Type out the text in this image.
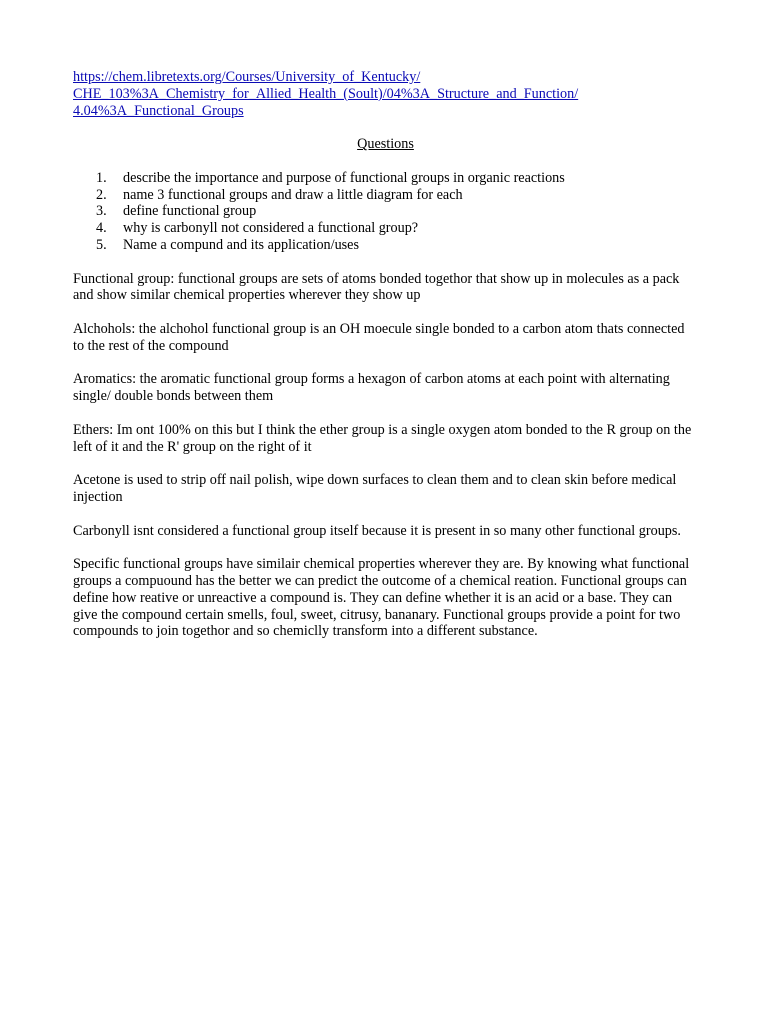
https://chem.libretexts.org/Courses/University_of_Kentucky/
CHE_103%3A_Chemistry_for_Allied_Health_(Soult)/04%3A_Structure_and_Function/
4.04%3A_Functional_Groups
Questions
1.	describe the importance and purpose of functional groups in organic reactions
2.	name 3 functional groups and draw a little diagram for each
3.	define functional group
4.	why is carbonyll not considered a functional group?
5.	Name a compund and its application/uses

Functional group: functional groups are sets of atoms bonded togethor that show up in molecules as a pack and show similar chemical properties wherever they show up

Alchohols: the alchohol functional group is an OH moecule single bonded to a carbon atom thats connected to the rest of the compound

Aromatics: the aromatic functional group forms a hexagon of carbon atoms at each point with alternating single/ double bonds between them

Ethers: Im ont 100% on this but I think the ether group is a single oxygen atom bonded to the R group on the left of it and the R' group on the right of it

Acetone is used to strip off nail polish, wipe down surfaces to clean them and to clean skin before medical injection

Carbonyll isnt considered a functional group itself because it is present in so many other functional groups.

Specific functional groups have similair chemical properties wherever they are. By knowing what functional groups a compuound has the better we can predict the outcome of a chemical reation. Functional groups can define how reative or unreactive a compound is. They can define whether it is an acid or a base. They can give the compound certain smells, foul, sweet, citrusy, bananary. Functional groups provide a point for two compounds to join togethor and so chemiclly transform into a different substance.
